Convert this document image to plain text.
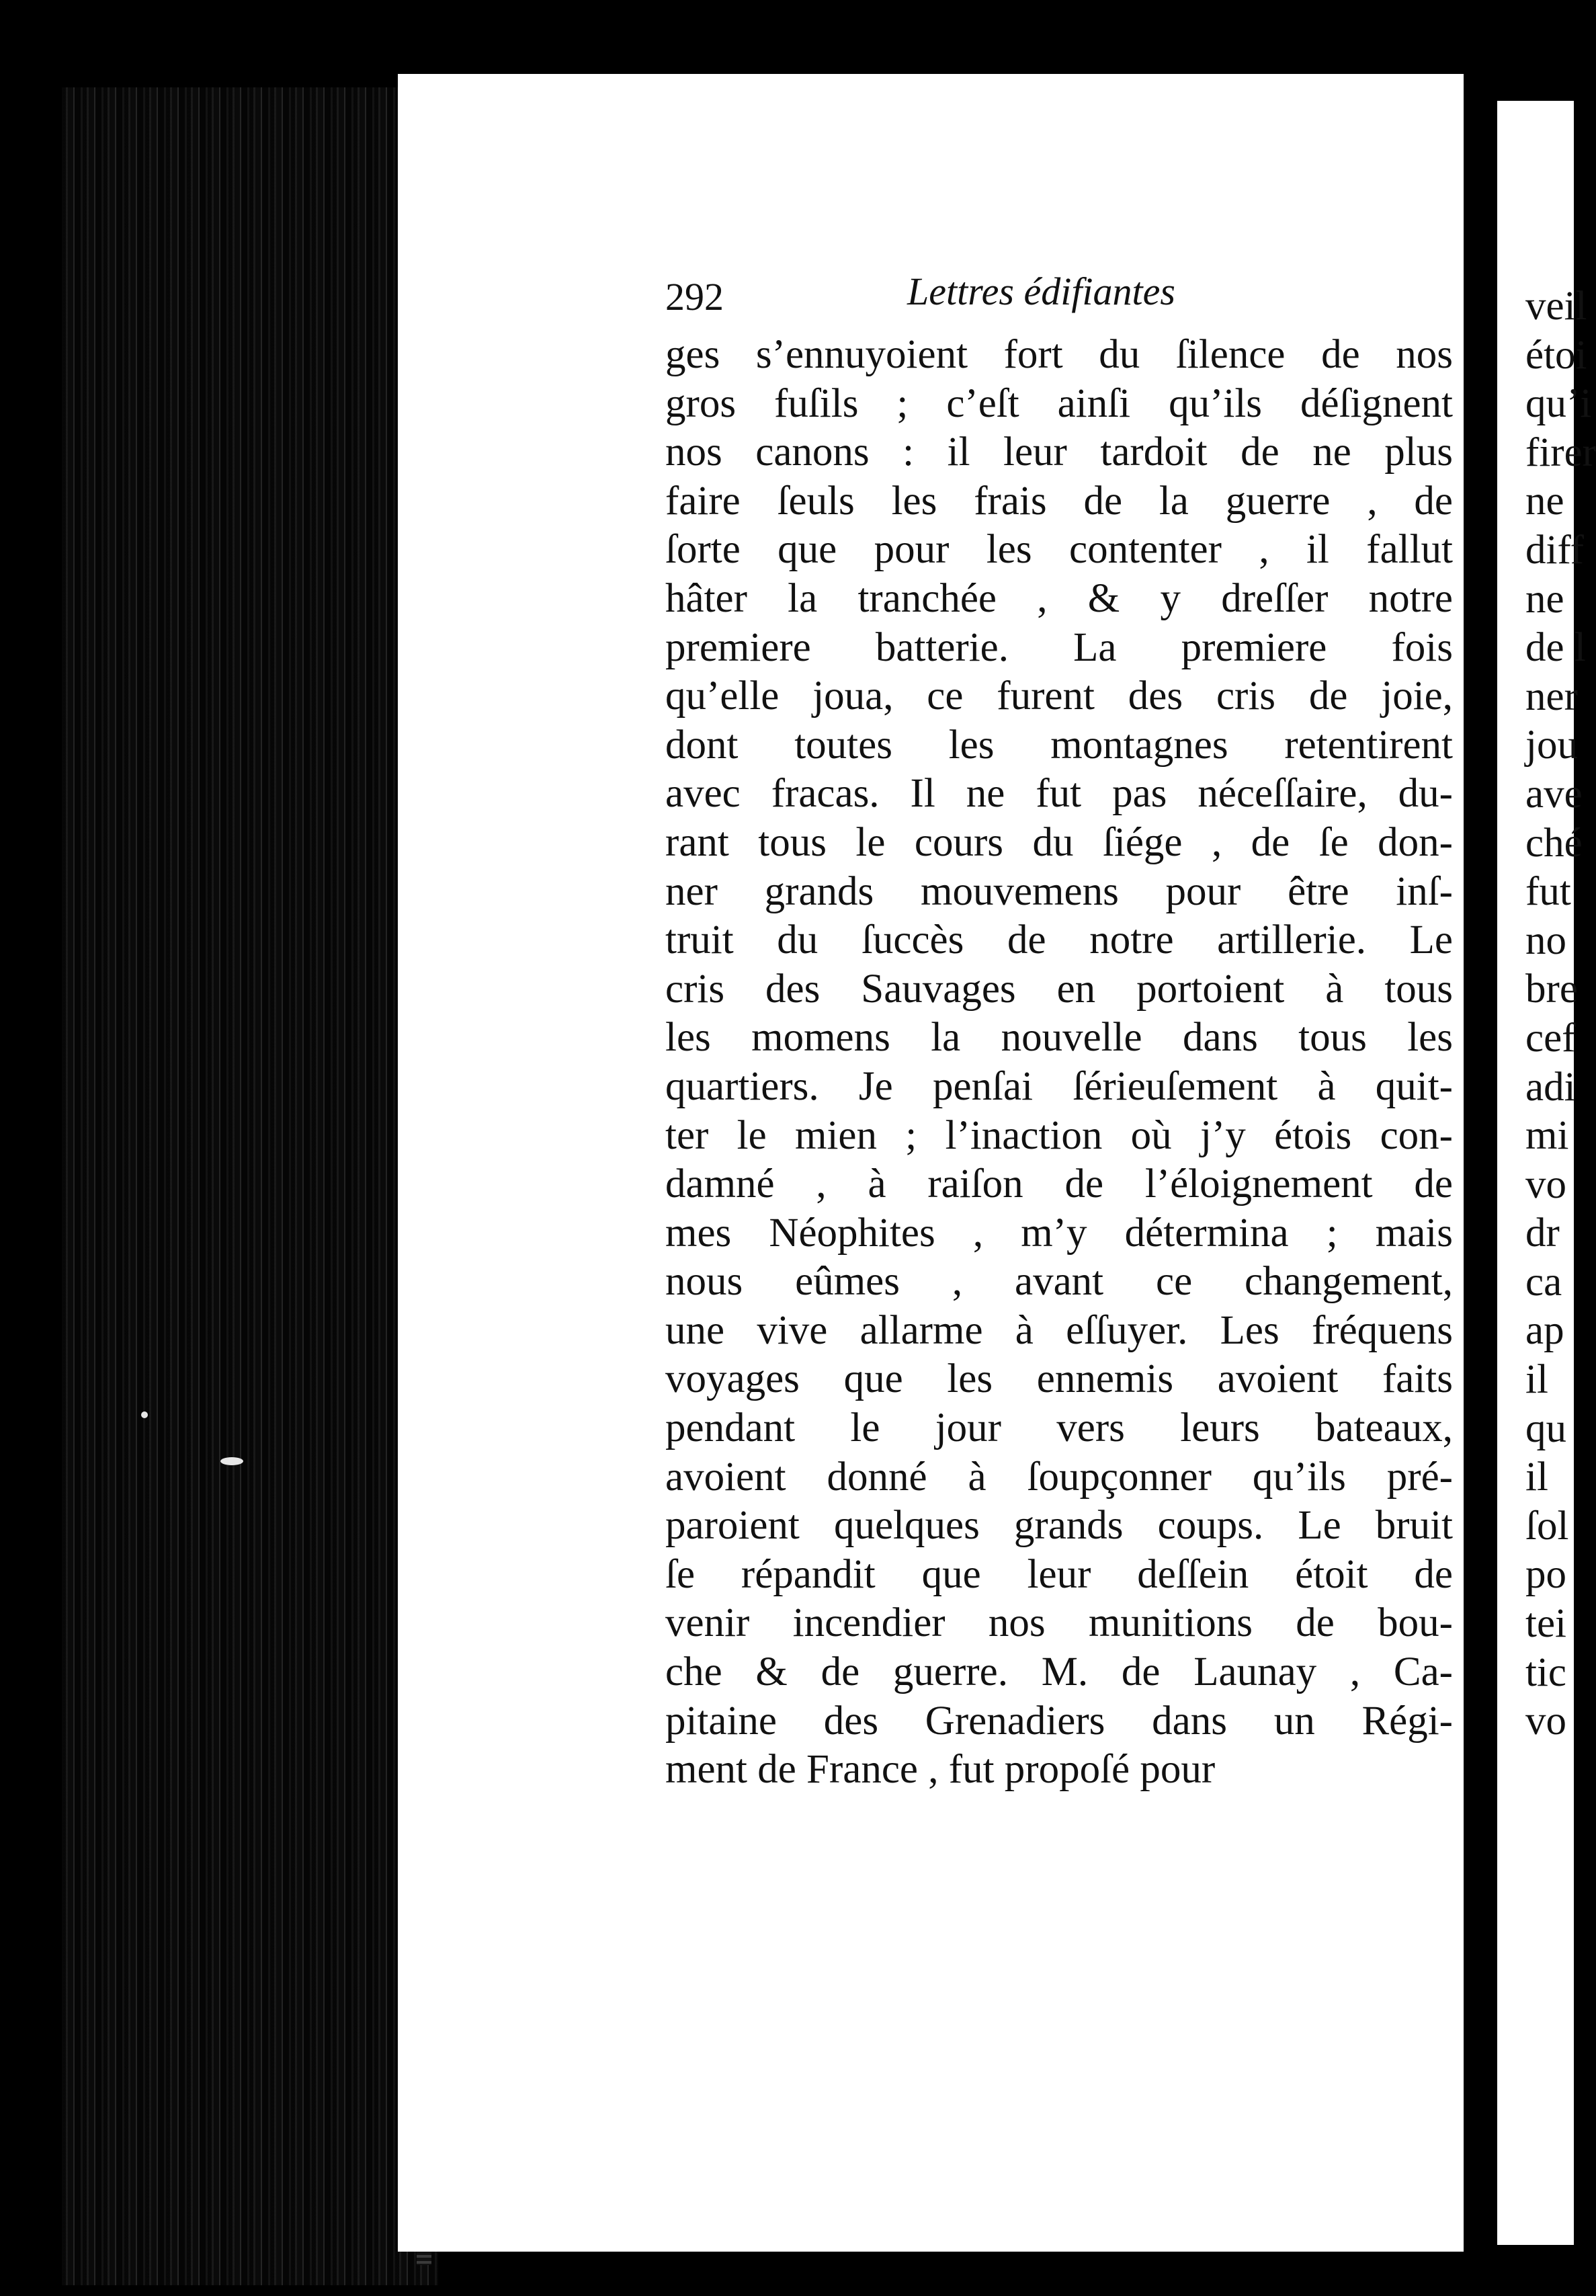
292	Lettres édifiantes
ges s’ennuyoient fort du ſilence de nos
gros fuſils ; c’eſt ainſi qu’ils déſignent
nos canons : il leur tardoit de ne plus
faire ſeuls les frais de la guerre , de
ſorte que pour les contenter , il fallut
hâter la tranchée , & y dreſſer notre
premiere batterie. La premiere fois
qu’elle joua, ce furent des cris de joie,
dont toutes les montagnes retentirent
avec fracas. Il ne fut pas néceſſaire, du-
rant tous le cours du ſiége , de ſe don-
ner grands mouvemens pour être inſ-
truit du ſuccès de notre artillerie. Le
cris des Sauvages en portoient à tous
les momens la nouvelle dans tous les
quartiers. Je penſai ſérieuſement à quit-
ter le mien ; l’inaction où j’y étois con-
damné , à raiſon de l’éloignement de
mes Néophites , m’y détermina ; mais
nous eûmes , avant ce changement,
une vive allarme à eſſuyer. Les fréquens
voyages que les ennemis avoient faits
pendant le jour vers leurs bateaux,
avoient donné à ſoupçonner qu’ils pré-
paroient quelques grands coups. Le bruit
ſe répandit que leur deſſein étoit de
venir incendier nos munitions de bou-
che & de guerre. M. de Launay , Ca-
pitaine des Grenadiers dans un Régi-
ment de France , fut propoſé pour
veil
étoi
qu’i
firer
ne
diff
ne
de l
ner
jou
ave
ché
fut
no
bre
cef
adi
mi
vo
dr
ca
ap
il
qu
il
ſol
po
tei
tic
vo
